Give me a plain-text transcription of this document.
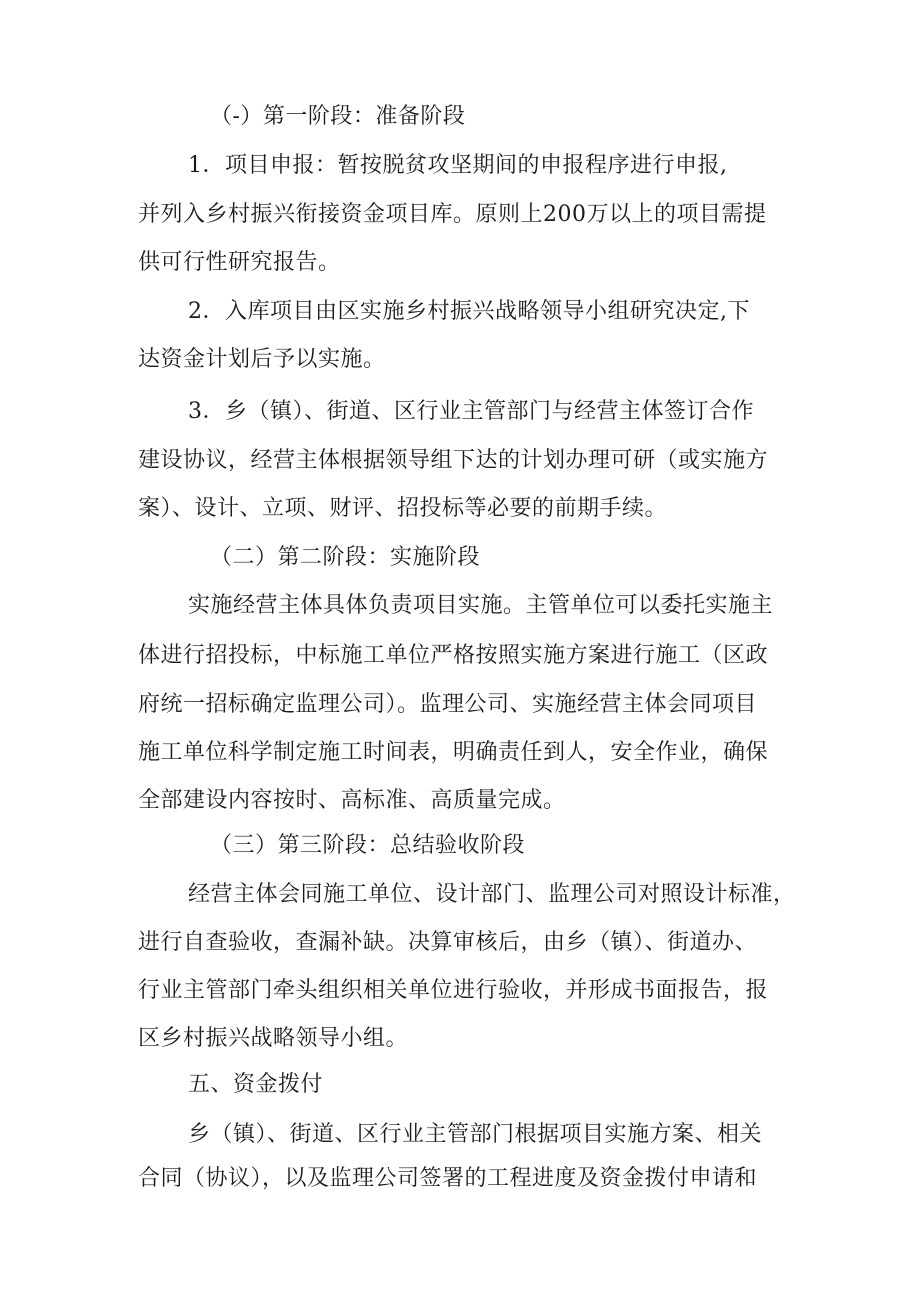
（-）第一阶段：准备阶段
1．项目申报：暂按脱贫攻坚期间的申报程序进行申报,
并列入乡村振兴衔接资金项目库。原则上200万以上的项目需提
供可行性研究报告。
2．入库项目由区实施乡村振兴战略领导小组研究决定,下
达资金计划后予以实施。
3．乡（镇）、街道、区行业主管部门与经营主体签订合作
建设协议，经营主体根据领导组下达的计划办理可研（或实施方
案）、设计、立项、财评、招投标等必要的前期手续。
（二）第二阶段：实施阶段
实施经营主体具体负责项目实施。主管单位可以委托实施主
体进行招投标，中标施工单位严格按照实施方案进行施工（区政
府统一招标确定监理公司）。监理公司、实施经营主体会同项目
施工单位科学制定施工时间表，明确责任到人，安全作业，确保
全部建设内容按时、高标准、高质量完成。
（三）第三阶段：总结验收阶段
经营主体会同施工单位、设计部门、监理公司对照设计标准，
进行自查验收，查漏补缺。决算审核后，由乡（镇）、街道办、
行业主管部门牵头组织相关单位进行验收，并形成书面报告，报
区乡村振兴战略领导小组。
五、资金拨付
乡（镇）、街道、区行业主管部门根据项目实施方案、相关
合同（协议），以及监理公司签署的工程进度及资金拨付申请和
